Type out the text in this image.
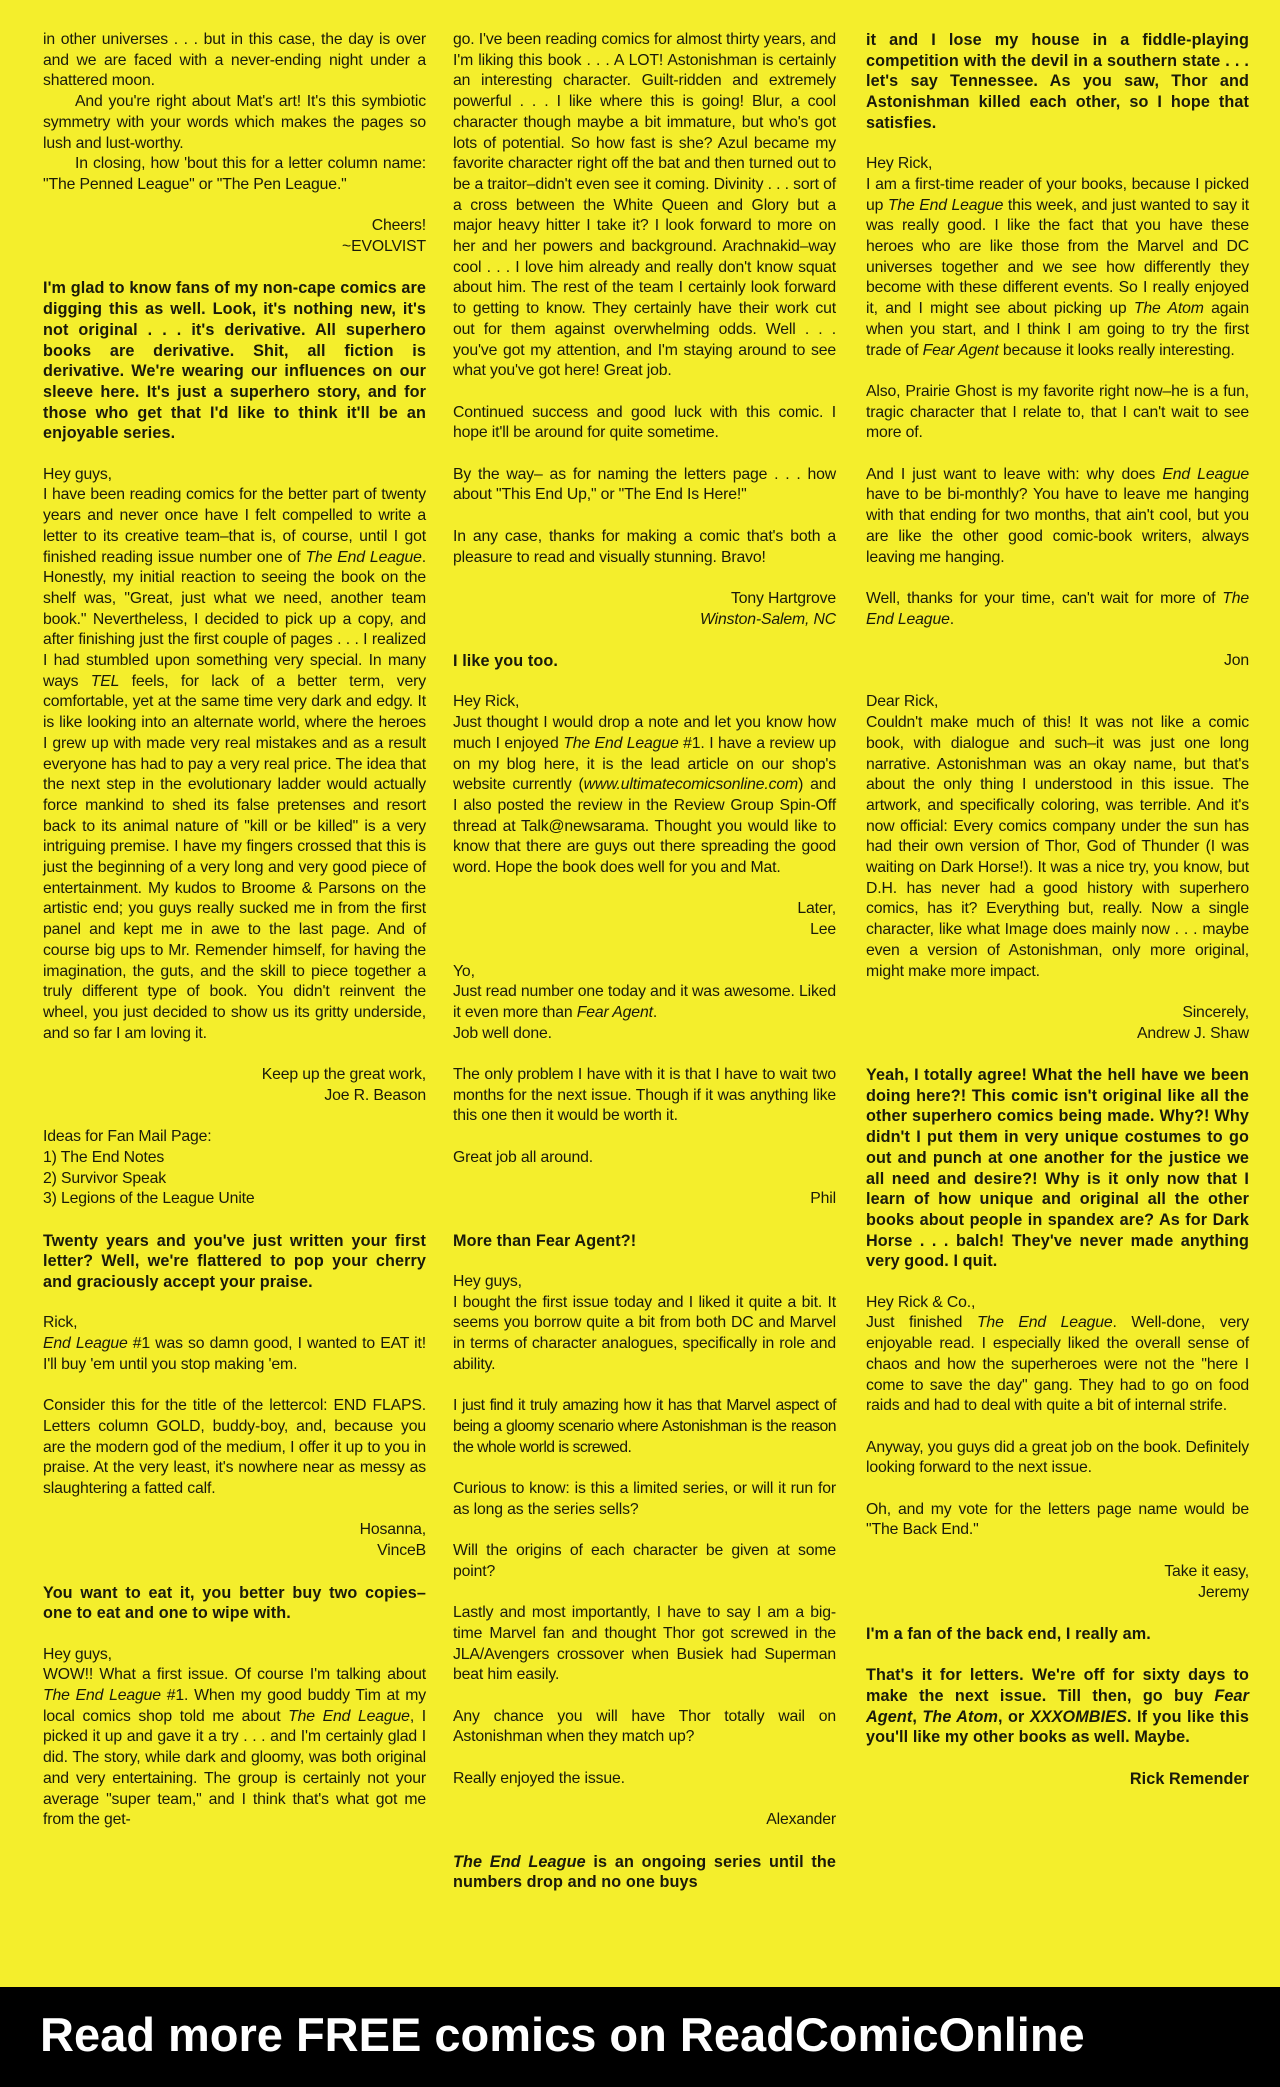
in other universes . . . but in this case, the day is over and we are faced with a never-ending night under a shattered moon.

And you're right about Mat's art! It's this symbiotic symmetry with your words which makes the pages so lush and lust-worthy.

In closing, how 'bout this for a letter column name: "The Penned League" or "The Pen League."

Cheers!
~EVOLVIST

I'm glad to know fans of my non-cape comics are digging this as well. Look, it's nothing new, it's not original . . . it's derivative. All superhero books are derivative. Shit, all fiction is derivative. We're wearing our influences on our sleeve here. It's just a superhero story, and for those who get that I'd like to think it'll be an enjoyable series.

Hey guys,

I have been reading comics for the better part of twenty years and never once have I felt compelled to write a letter to its creative team–that is, of course, until I got finished reading issue number one of The End League. Honestly, my initial reaction to seeing the book on the shelf was, "Great, just what we need, another team book." Nevertheless, I decided to pick up a copy, and after finishing just the first couple of pages . . . I realized I had stumbled upon something very special. In many ways TEL feels, for lack of a better term, very comfortable, yet at the same time very dark and edgy. It is like looking into an alternate world, where the heroes I grew up with made very real mistakes and as a result everyone has had to pay a very real price. The idea that the next step in the evolutionary ladder would actually force mankind to shed its false pretenses and resort back to its animal nature of "kill or be killed" is a very intriguing premise. I have my fingers crossed that this is just the beginning of a very long and very good piece of entertainment. My kudos to Broome & Parsons on the artistic end; you guys really sucked me in from the first panel and kept me in awe to the last page. And of course big ups to Mr. Remender himself, for having the imagination, the guts, and the skill to piece together a truly different type of book. You didn't reinvent the wheel, you just decided to show us its gritty underside, and so far I am loving it.

Keep up the great work,
Joe R. Beason
Ideas for Fan Mail Page:
1) The End Notes
2) Survivor Speak

3) Legions of the League Unite

Twenty years and you've just written your first letter? Well, we're flattered to pop your cherry and graciously accept your praise.

Rick,

End League #1 was so damn good, I wanted to EAT it! I'll buy 'em until you stop making 'em.

Consider this for the title of the lettercol: END FLAPS. Letters column GOLD, buddy-boy, and, because you are the modern god of the medium, I offer it up to you in praise. At the very least, it's nowhere near as messy as slaughtering a fatted calf.

Hosanna,
VinceB

You want to eat it, you better buy two copies–one to eat and one to wipe with.

Hey guys,

WOW!! What a first issue. Of course I'm talking about The End League #1. When my good buddy Tim at my local comics shop told me about The End League, I picked it up and gave it a try . . . and I'm certainly glad I did. The story, while dark and gloomy, was both original and very entertaining. The group is certainly not your average "super team," and I think that's what got me from the get-

go. I've been reading comics for almost thirty years, and I'm liking this book . . . A LOT! Astonishman is certainly an interesting character. Guilt-ridden and extremely powerful . . . I like where this is going! Blur, a cool character though maybe a bit immature, but who's got lots of potential. So how fast is she? Azul became my favorite character right off the bat and then turned out to be a traitor–didn't even see it coming. Divinity . . . sort of a cross between the White Queen and Glory but a major heavy hitter I take it? I look forward to more on her and her powers and background. Arachnakid–way cool . . . I love him already and really don't know squat about him. The rest of the team I certainly look forward to getting to know. They certainly have their work cut out for them against overwhelming odds. Well . . . you've got my attention, and I'm staying around to see what you've got here! Great job.

Continued success and good luck with this comic. I hope it'll be around for quite sometime.

By the way– as for naming the letters page . . . how about "This End Up," or "The End Is Here!"

In any case, thanks for making a comic that's both a pleasure to read and visually stunning. Bravo!

Tony Hartgrove
Winston-Salem, NC

I like you too.

Hey Rick,

Just thought I would drop a note and let you know how much I enjoyed The End League #1. I have a review up on my blog here, it is the lead article on our shop's website currently (www.ultimatecomicsonline.com) and I also posted the review in the Review Group Spin-Off thread at Talk@newsarama. Thought you would like to know that there are guys out there spreading the good word. Hope the book does well for you and Mat.

Later,
Lee
Yo,
Just read number one today and it was awesome. Liked it even more than Fear Agent.

Job well done.

The only problem I have with it is that I have to wait two months for the next issue. Though if it was anything like this one then it would be worth it.

Great job all around.

Phil

More than Fear Agent?!

Hey guys,

I bought the first issue today and I liked it quite a bit. It seems you borrow quite a bit from both DC and Marvel in terms of character analogues, specifically in role and ability.

I just find it truly amazing how it has that Marvel aspect of being a gloomy scenario where Astonishman is the reason the whole world is screwed.

Curious to know: is this a limited series, or will it run for as long as the series sells?

Will the origins of each character be given at some point?

Lastly and most importantly, I have to say I am a big-time Marvel fan and thought Thor got screwed in the JLA/Avengers crossover when Busiek had Superman beat him easily.

Any chance you will have Thor totally wail on Astonishman when they match up?

Really enjoyed the issue.

Alexander

The End League is an ongoing series until the numbers drop and no one buys

it and I lose my house in a fiddle-playing competition with the devil in a southern state . . . let's say Tennessee. As you saw, Thor and Astonishman killed each other, so I hope that satisfies.

Hey Rick,

I am a first-time reader of your books, because I picked up The End League this week, and just wanted to say it was really good. I like the fact that you have these heroes who are like those from the Marvel and DC universes together and we see how differently they become with these different events. So I really enjoyed it, and I might see about picking up The Atom again when you start, and I think I am going to try the first trade of Fear Agent because it looks really interesting.

Also, Prairie Ghost is my favorite right now–he is a fun, tragic character that I relate to, that I can't wait to see more of.

And I just want to leave with: why does End League have to be bi-monthly? You have to leave me hanging with that ending for two months, that ain't cool, but you are like the other good comic-book writers, always leaving me hanging.

Well, thanks for your time, can't wait for more of The End League.

Jon

Dear Rick,

Couldn't make much of this! It was not like a comic book, with dialogue and such–it was just one long narrative. Astonishman was an okay name, but that's about the only thing I understood in this issue. The artwork, and specifically coloring, was terrible. And it's now official: Every comics company under the sun has had their own version of Thor, God of Thunder (I was waiting on Dark Horse!). It was a nice try, you know, but D.H. has never had a good history with superhero comics, has it? Everything but, really. Now a single character, like what Image does mainly now . . . maybe even a version of Astonishman, only more original, might make more impact.

Sincerely,
Andrew J. Shaw

Yeah, I totally agree! What the hell have we been doing here?! This comic isn't original like all the other superhero comics being made. Why?! Why didn't I put them in very unique costumes to go out and punch at one another for the justice we all need and desire?! Why is it only now that I learn of how unique and original all the other books about people in spandex are? As for Dark Horse . . . balch! They've never made anything very good. I quit.

Hey Rick & Co.,

Just finished The End League. Well-done, very enjoyable read. I especially liked the overall sense of chaos and how the superheroes were not the "here I come to save the day" gang. They had to go on food raids and had to deal with quite a bit of internal strife.

Anyway, you guys did a great job on the book. Definitely looking forward to the next issue.

Oh, and my vote for the letters page name would be "The Back End."

Take it easy,
Jeremy

I'm a fan of the back end, I really am.

That's it for letters. We're off for sixty days to make the next issue. Till then, go buy Fear Agent, The Atom, or XXXOMBIES. If you like this you'll like my other books as well. Maybe.

Rick Remender

Read more FREE comics on ReadComicOnline
